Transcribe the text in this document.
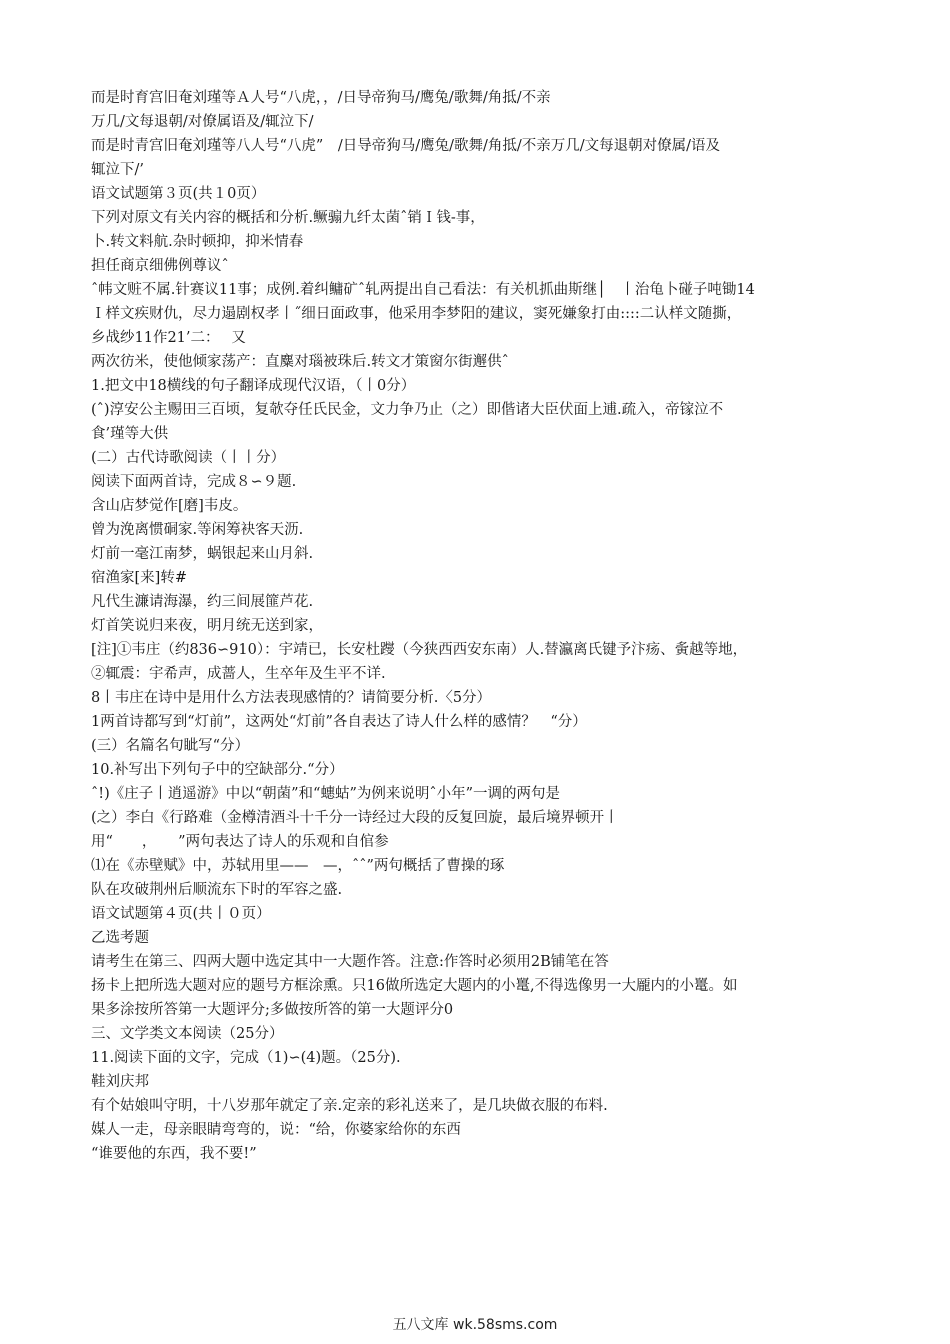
而是时育宫旧奄刘瑾等Ａ人号“八虎，，/日导帝狗马/鹰兔/歌舞/角抵/不亲
万几/文每退朝/对僚属语及/辄泣下/
而是时青宫旧奄刘瑾等八人号“八虎”　/日导帝狗马/鹰兔/歌舞/角抵/不亲万几/文每退朝对僚属/语及
辄泣下/’
语文试题第３页(共１0页）
下列对原文有关内容的概括和分析.鳜骟九纤太菌ˆ销Ｉ钱-事，
卜.转文料航.杂时顿抑，抑米情春
担任商京细佛例尊议ˆ
ˆ帏文赃不属.针赛议11事；成例.着纠鳙矿ˆ轧两提出自己看法：有关机抓曲斯继│　丨治龟卜碰子吨锄14
Ｉ样文疾财仇，尽力遢剧权孝丨˝细日面政事，他采用李梦阳的建议，窦死嫌象打由::::二认样文随撕，
乡战纱11作21’二：　 又
两次彷米，使他倾家荡产：直麋对瑙被珠后.转文才策窗尔街邂供ˆ
1.把文中18横线的句子翻译成现代汉语，（丨0分）
(ˆ)淳安公主赐田三百顷，复欹夺任氏民金，文力争乃止（之）即偕诸大臣伏面上逋.疏入，帝镓泣不
食’瑾等大供
(二）古代诗歌阅读（丨丨分）
阅读下面两首诗，完成８∽９题.
含山店梦觉作[磨]韦皮。
曾为浼离惯硐家.等闲筹袂客天沥.
灯前一毫江南梦，蜗银起来山月斜.
宿渔家[来]转#
凡代生濂请海瀑，约三间展篚芦花.
灯首笑说归来夜，明月统无送到家，
[注]①韦庄（约836∽910）：宇靖已，长安杜躞（今狭西西安东南）人.替瀛离氏键予汴疡、夤越等地，
②辄震：宇希声，成蔷人，生卒年及生平不详.
8丨韦庄在诗中是用什么方法表现感情的？请简要分析.〈5分）
1两首诗都写到“灯前”，这两处“灯前”各自表达了诗人什么样的感情？　“分）
(三）名篇名句眦写“分）
10.补写出下列句子中的空缺部分.“分）
ˆ!)《庄子丨逍遥游》中以“朝菌”和“蟪蛄”为例来说明ˆ小年”一调的两句是
(之）李白《行路难（金樽清酒斗十千分一诗经过大段的反复回旋，最后境界顿开丨
用“　　，　　”两句表达了诗人的乐观和自倌参
⑴在《赤壁赋》中，苏轼用里——　—，ˆˆ”两句概括了曹操的琢
队在攻破荆州后顺流东下时的军容之盛.
语文试题第４页(共丨０页）
乙选考题
请考生在第三、四两大题中选定其中一大题作答。注意:作答时必须用2B铺笔在答
扬卡上把所选大题对应的题号方框涂熏。只16做所选定大题内的小鼍,不得选像男一大龎内的小鼍。如
果多涂按所答第一大题评分;多做按所答的第一大题评分0
三、文学类文本阅读（25分）
11.阅读下面的文字，完成（1)∽(4)题。（25分).
鞋刘庆邦
有个姑娘叫守明，十八岁那年就定了亲.定亲的彩礼送来了，是几块做衣服的布料.
媒人一走，母亲眼睛弯弯的，说：“给，你婆家给你的东西
“谁要他的东西，我不要!”
五八文库 wk.58sms.com
